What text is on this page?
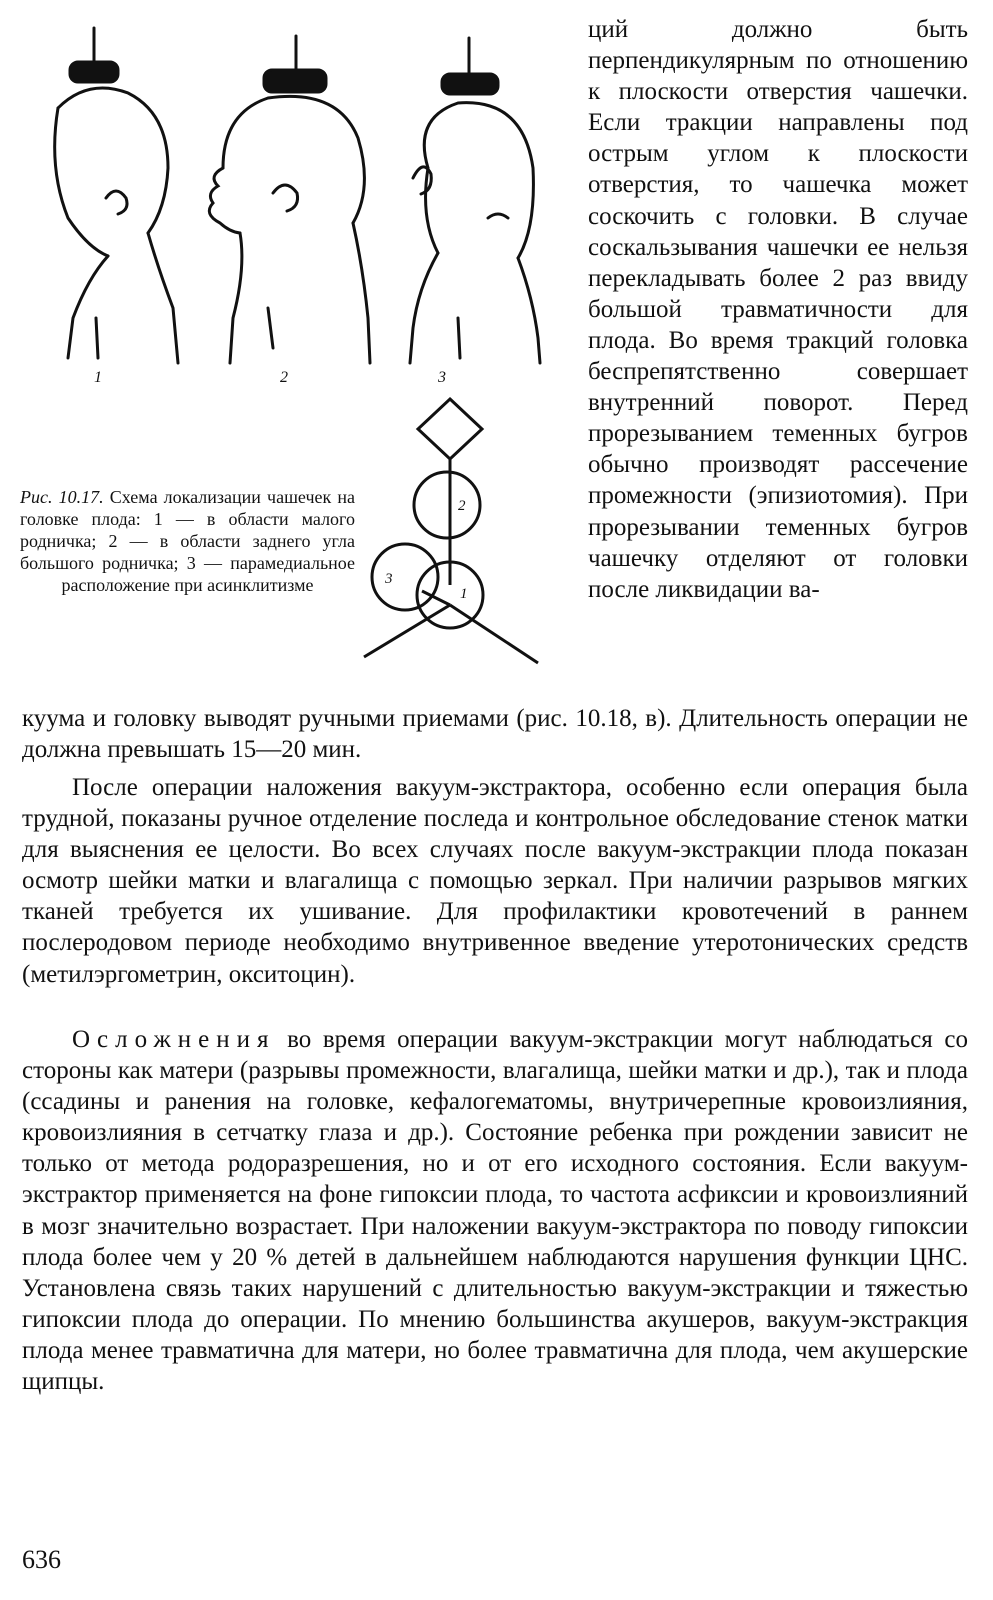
1	2	3
2
3
1
Рис. 10.17. Схема локализации чашечек на головке плода: 1 — в области малого родничка; 2 — в области заднего угла большого родничка; 3 — парамедиальное расположение при асинклитизме
ций должно быть перпендикулярным по отношению к плоскости отверстия чашечки. Если тракции направлены под острым углом к плоскости отверстия, то чашечка может соскочить с головки. В случае соскальзывания чашечки ее нельзя перекладывать более 2 раз ввиду большой травматичности для плода. Во время тракций головка беспрепятственно совершает внутренний поворот. Перед прорезыванием теменных бугров обычно производят рассечение промежности (эпизиотомия). При прорезывании теменных бугров чашечку отделяют от головки после ликвидации ва-
куума и головку выводят ручными приемами (рис. 10.18, в). Длительность операции не должна превышать 15—20 мин.
После операции наложения вакуум-экстрактора, особенно если операция была трудной, показаны ручное отделение последа и контрольное обследование стенок матки для выяснения ее целости. Во всех случаях после вакуум-экстракции плода показан осмотр шейки матки и влагалища с помощью зеркал. При наличии разрывов мягких тканей требуется их ушивание. Для профилактики кровотечений в раннем послеродовом периоде необходимо внутривенное введение утеротонических средств (метилэргометрин, окситоцин).
Осложнения во время операции вакуум-экстракции могут наблюдаться со стороны как матери (разрывы промежности, влагалища, шейки матки и др.), так и плода (ссадины и ранения на головке, кефалогематомы, внутричерепные кровоизлияния, кровоизлияния в сетчатку глаза и др.). Состояние ребенка при рождении зависит не только от метода родоразрешения, но и от его исходного состояния. Если вакуум-экстрактор применяется на фоне гипоксии плода, то частота асфиксии и кровоизлияний в мозг значительно возрастает. При наложении вакуум-экстрактора по поводу гипоксии плода более чем у 20 % детей в дальнейшем наблюдаются нарушения функции ЦНС. Установлена связь таких нарушений с длительностью вакуум-экстракции и тяжестью гипоксии плода до операции. По мнению большинства акушеров, вакуум-экстракция плода менее травматична для матери, но более травматична для плода, чем акушерские щипцы.
636
